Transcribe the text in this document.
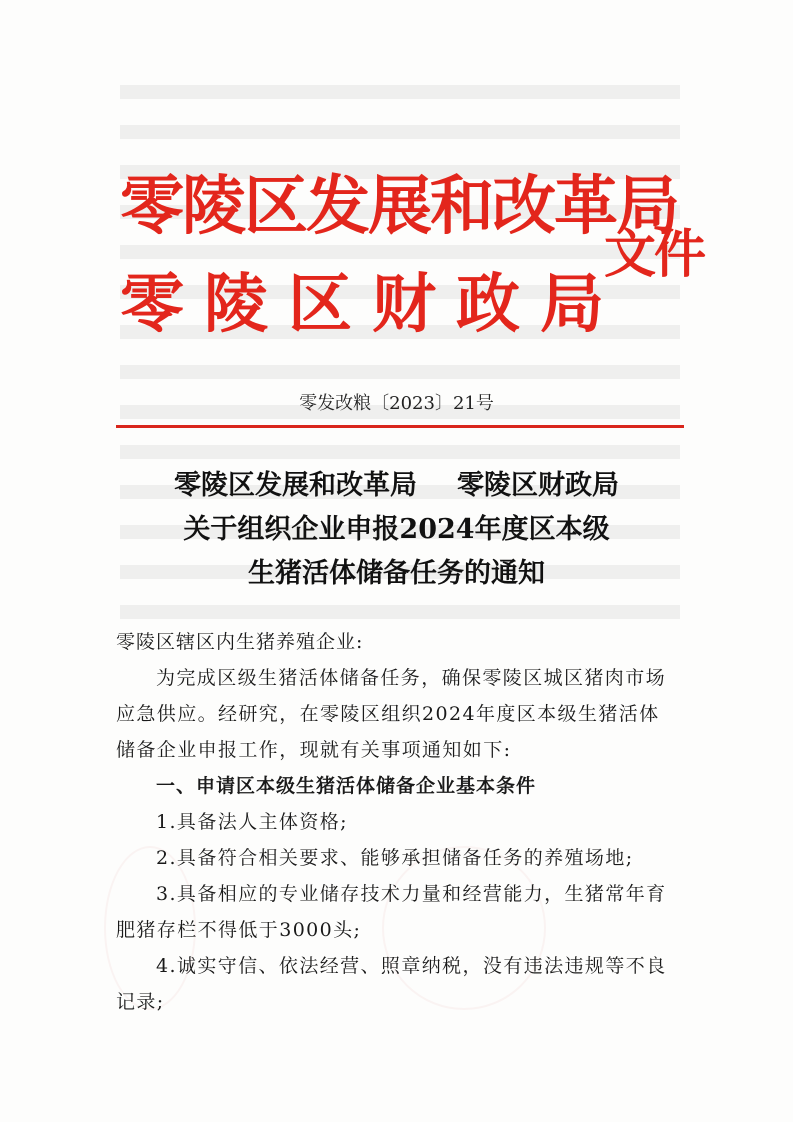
零陵区发展和改革局
零陵区财政局
文件
零发改粮〔2023〕21号
零陵区发展和改革局 零陵区财政局
关于组织企业申报2024年度区本级
生猪活体储备任务的通知

零陵区辖区内生猪养殖企业:

为完成区级生猪活体储备任务，确保零陵区城区猪肉市场应急供应。经研究，在零陵区组织2024年度区本级生猪活体储备企业申报工作，现就有关事项通知如下:

一、申请区本级生猪活体储备企业基本条件

1.具备法人主体资格;

2.具备符合相关要求、能够承担储备任务的养殖场地;

3.具备相应的专业储存技术力量和经营能力，生猪常年育肥猪存栏不得低于3000头;

4.诚实守信、依法经营、照章纳税，没有违法违规等不良记录;
